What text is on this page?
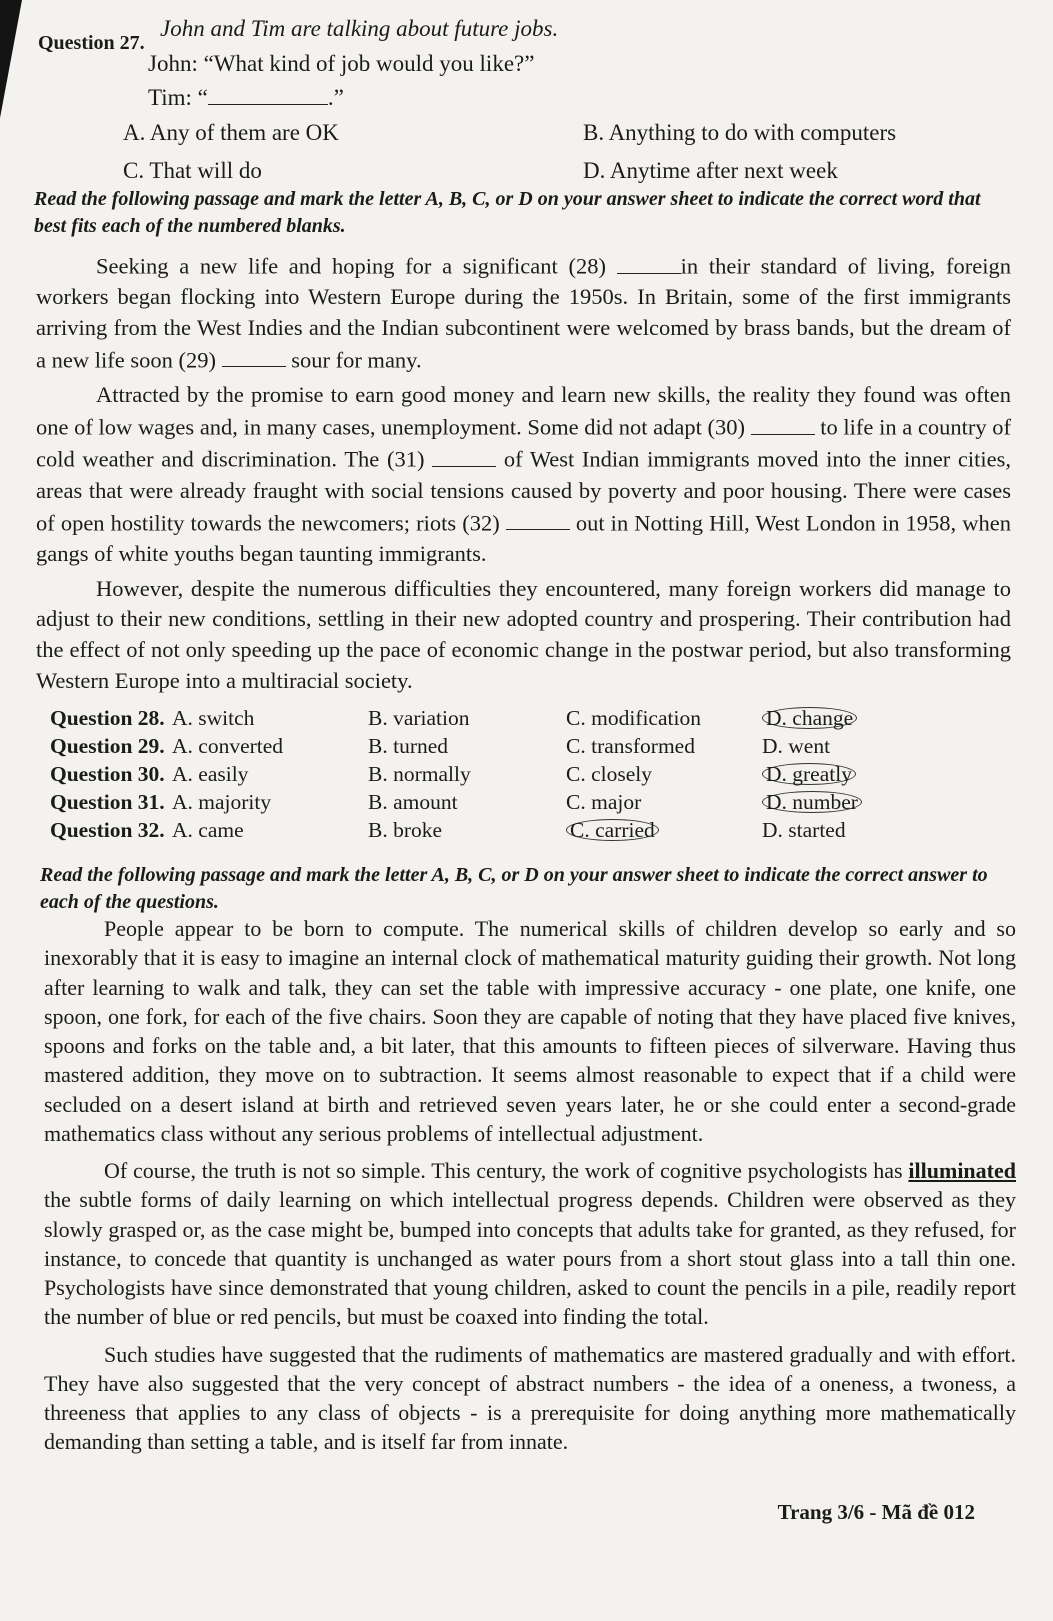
Question 27.
John and Tim are talking about future jobs.
John: “What kind of job would you like?”
Tim: “	.”
A. Any of them are OK	B. Anything to do with computers
C. That will do	D. Anytime after next week
Read the following passage and mark the letter A, B, C, or D on your answer sheet to indicate the correct word that best fits each of the numbered blanks.

Seeking a new life and hoping for a significant (28)	in their standard of living, foreign workers began flocking into Western Europe during the 1950s. In Britain, some of the first immigrants arriving from the West Indies and the Indian subcontinent were welcomed by brass bands, but the dream of a new life soon (29)	sour for many.

Attracted by the promise to earn good money and learn new skills, the reality they found was often one of low wages and, in many cases, unemployment. Some did not adapt (30)	to life in a country of cold weather and discrimination. The (31)	of West Indian immigrants moved into the inner cities, areas that were already fraught with social tensions caused by poverty and poor housing. There were cases of open hostility towards the newcomers; riots (32)	out in Notting Hill, West London in 1958, when gangs of white youths began taunting immigrants.

However, despite the numerous difficulties they encountered, many foreign workers did manage to adjust to their new conditions, settling in their new adopted country and prospering. Their contribution had the effect of not only speeding up the pace of economic change in the postwar period, but also transforming Western Europe into a multiracial society.

Question 28. A. switch	B. variation	C. modification	D. change
Question 29. A. converted	B. turned	C. transformed	D. went
Question 30. A. easily	B. normally	C. closely	D. greatly
Question 31. A. majority	B. amount	C. major	D. number
Question 32. A. came	B. broke	C. carried	D. started
Read the following passage and mark the letter A, B, C, or D on your answer sheet to indicate the correct answer to each of the questions.

People appear to be born to compute. The numerical skills of children develop so early and so inexorably that it is easy to imagine an internal clock of mathematical maturity guiding their growth. Not long after learning to walk and talk, they can set the table with impressive accuracy - one plate, one knife, one spoon, one fork, for each of the five chairs. Soon they are capable of noting that they have placed five knives, spoons and forks on the table and, a bit later, that this amounts to fifteen pieces of silverware. Having thus mastered addition, they move on to subtraction. It seems almost reasonable to expect that if a child were secluded on a desert island at birth and retrieved seven years later, he or she could enter a second-grade mathematics class without any serious problems of intellectual adjustment.

Of course, the truth is not so simple. This century, the work of cognitive psychologists has illuminated the subtle forms of daily learning on which intellectual progress depends. Children were observed as they slowly grasped or, as the case might be, bumped into concepts that adults take for granted, as they refused, for instance, to concede that quantity is unchanged as water pours from a short stout glass into a tall thin one. Psychologists have since demonstrated that young children, asked to count the pencils in a pile, readily report the number of blue or red pencils, but must be coaxed into finding the total.

Such studies have suggested that the rudiments of mathematics are mastered gradually and with effort. They have also suggested that the very concept of abstract numbers - the idea of a oneness, a twoness, a threeness that applies to any class of objects - is a prerequisite for doing anything more mathematically demanding than setting a table, and is itself far from innate.

Trang 3/6 - Mã đề 012
